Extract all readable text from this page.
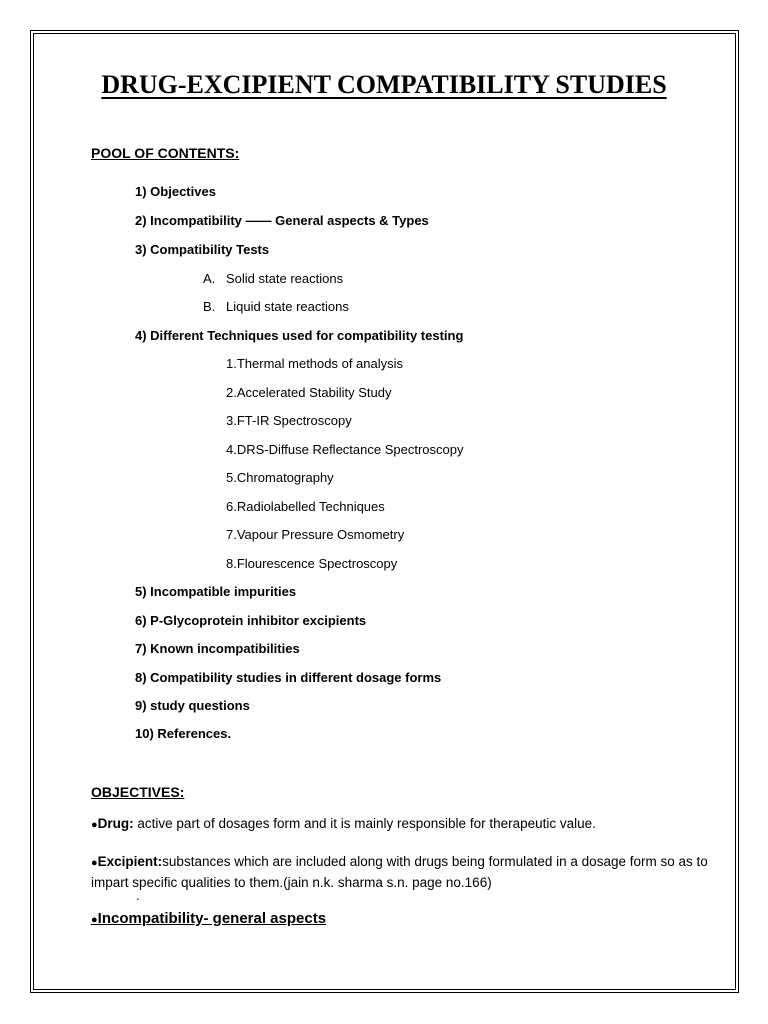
DRUG-EXCIPIENT COMPATIBILITY STUDIES
POOL OF CONTENTS:
1) Objectives
2) Incompatibility —— General aspects & Types
3) Compatibility Tests
A. Solid state reactions
B. Liquid state reactions
4) Different Techniques used for compatibility testing
1.Thermal methods of analysis
2.Accelerated Stability Study
3.FT-IR Spectroscopy
4.DRS-Diffuse Reflectance Spectroscopy
5.Chromatography
6.Radiolabelled Techniques
7.Vapour Pressure Osmometry
8.Flourescence Spectroscopy
5) Incompatible impurities
6) P-Glycoprotein inhibitor excipients
7) Known incompatibilities
8) Compatibility studies in different dosage forms
9) study questions
10) References.
OBJECTIVES:
●Drug: active part of dosages form and it is mainly responsible for therapeutic value.
●Excipient:substances which are included along with drugs being formulated in a dosage form so as to impart specific qualities to them.(jain n.k. sharma s.n. page no.166)
.
●Incompatibility- general aspects
